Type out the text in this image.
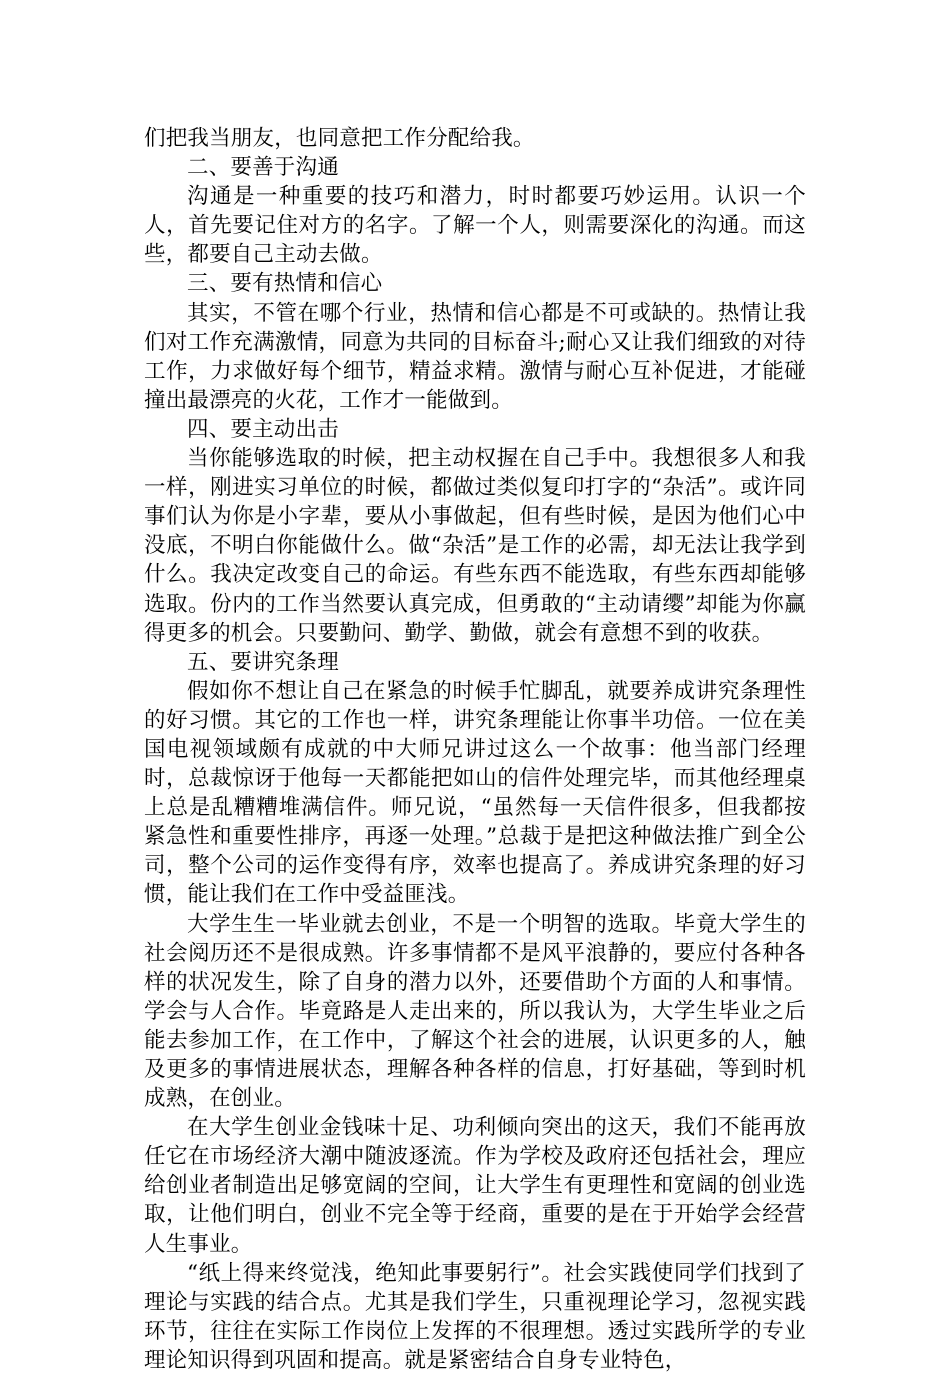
们把我当朋友，也同意把工作分配给我。

二、要善于沟通

沟通是一种重要的技巧和潜力，时时都要巧妙运用。认识一个人，首先要记住对方的名字。了解一个人，则需要深化的沟通。而这些，都要自己主动去做。

三、要有热情和信心

其实，不管在哪个行业，热情和信心都是不可或缺的。热情让我们对工作充满激情，同意为共同的目标奋斗;耐心又让我们细致的对待工作，力求做好每个细节，精益求精。激情与耐心互补促进，才能碰撞出最漂亮的火花，工作才一能做到。

四、要主动出击

当你能够选取的时候，把主动权握在自己手中。我想很多人和我一样，刚进实习单位的时候，都做过类似复印打字的“杂活”。或许同事们认为你是小字辈，要从小事做起，但有些时候，是因为他们心中没底，不明白你能做什么。做“杂活”是工作的必需，却无法让我学到什么。我决定改变自己的命运。有些东西不能选取，有些东西却能够选取。份内的工作当然要认真完成，但勇敢的“主动请缨”却能为你赢得更多的机会。只要勤问、勤学、勤做，就会有意想不到的收获。

五、要讲究条理

假如你不想让自己在紧急的时候手忙脚乱，就要养成讲究条理性的好习惯。其它的工作也一样，讲究条理能让你事半功倍。一位在美国电视领域颇有成就的中大师兄讲过这么一个故事：他当部门经理时，总裁惊讶于他每一天都能把如山的信件处理完毕，而其他经理桌上总是乱糟糟堆满信件。师兄说，“虽然每一天信件很多，但我都按紧急性和重要性排序，再逐一处理。”总裁于是把这种做法推广到全公司，整个公司的运作变得有序，效率也提高了。养成讲究条理的好习惯，能让我们在工作中受益匪浅。

大学生生一毕业就去创业，不是一个明智的选取。毕竟大学生的社会阅历还不是很成熟。许多事情都不是风平浪静的，要应付各种各样的状况发生，除了自身的潜力以外，还要借助个方面的人和事情。学会与人合作。毕竟路是人走出来的，所以我认为，大学生毕业之后能去参加工作，在工作中，了解这个社会的进展，认识更多的人，触及更多的事情进展状态，理解各种各样的信息，打好基础，等到时机成熟，在创业。

在大学生创业金钱味十足、功利倾向突出的这天，我们不能再放任它在市场经济大潮中随波逐流。作为学校及政府还包括社会，理应给创业者制造出足够宽阔的空间，让大学生有更理性和宽阔的创业选取，让他们明白，创业不完全等于经商，重要的是在于开始学会经营人生事业。

“纸上得来终觉浅，绝知此事要躬行”。社会实践使同学们找到了理论与实践的结合点。尤其是我们学生，只重视理论学习，忽视实践环节，往往在实际工作岗位上发挥的不很理想。透过实践所学的专业理论知识得到巩固和提高。就是紧密结合自身专业特色，
